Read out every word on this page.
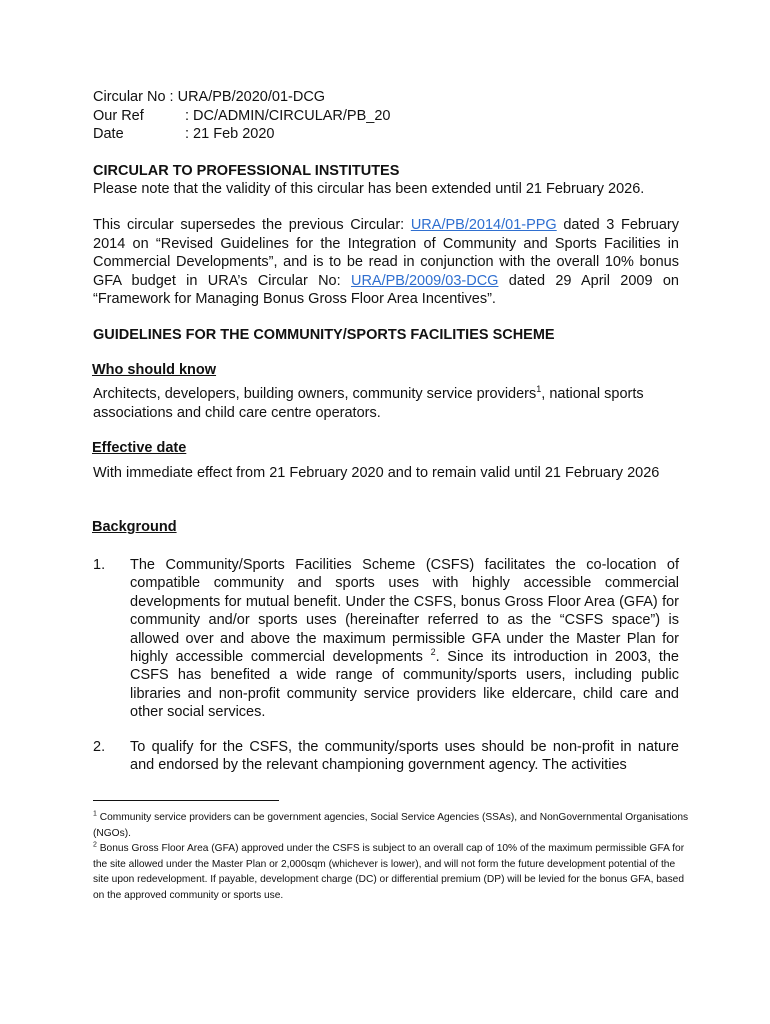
Circular No
: URA/PB/2020/01-DCG
Our Ref	: DC/ADMIN/CIRCULAR/PB_20
Date	: 21 Feb 2020
CIRCULAR TO PROFESSIONAL INSTITUTES
Please note that the validity of this circular has been extended until 21 February 2026.
This circular supersedes the previous Circular: URA/PB/2014/01-PPG dated 3 February 2014 on “Revised Guidelines for the Integration of Community and Sports Facilities in Commercial Developments”, and is to be read in conjunction with the overall 10% bonus GFA budget in URA’s Circular No: URA/PB/2009/03-DCG dated 29 April 2009 on “Framework for Managing Bonus Gross Floor Area Incentives”.
GUIDELINES FOR THE COMMUNITY/SPORTS FACILITIES SCHEME
Who should know
Architects, developers, building owners, community service providers$^1$, national sports associations and child care centre operators.
Effective date
With immediate effect from 21 February 2020 and to remain valid until 21 February 2026
Background
1.	The Community/Sports Facilities Scheme (CSFS) facilitates the co-location of compatible community and sports uses with highly accessible commercial developments for mutual benefit. Under the CSFS, bonus Gross Floor Area (GFA) for community and/or sports uses (hereinafter referred to as the “CSFS space”) is allowed over and above the maximum permissible GFA under the Master Plan for highly accessible commercial developments $^2$. Since its introduction in 2003, the CSFS has benefited a wide range of community/sports users, including public libraries and non-profit community service providers like eldercare, child care and other social services.
2.	To qualify for the CSFS, the community/sports uses should be non-profit in nature and endorsed by the relevant championing government agency. The activities
$^1$ Community service providers can be government agencies, Social Service Agencies (SSAs), and NonGovernmental Organisations (NGOs).
$^2$ Bonus Gross Floor Area (GFA) approved under the CSFS is subject to an overall cap of 10% of the maximum permissible GFA for the site allowed under the Master Plan or 2,000sqm (whichever is lower), and will not form the future development potential of the site upon redevelopment. If payable, development charge (DC) or differential premium (DP) will be levied for the bonus GFA, based on the approved community or sports use.
